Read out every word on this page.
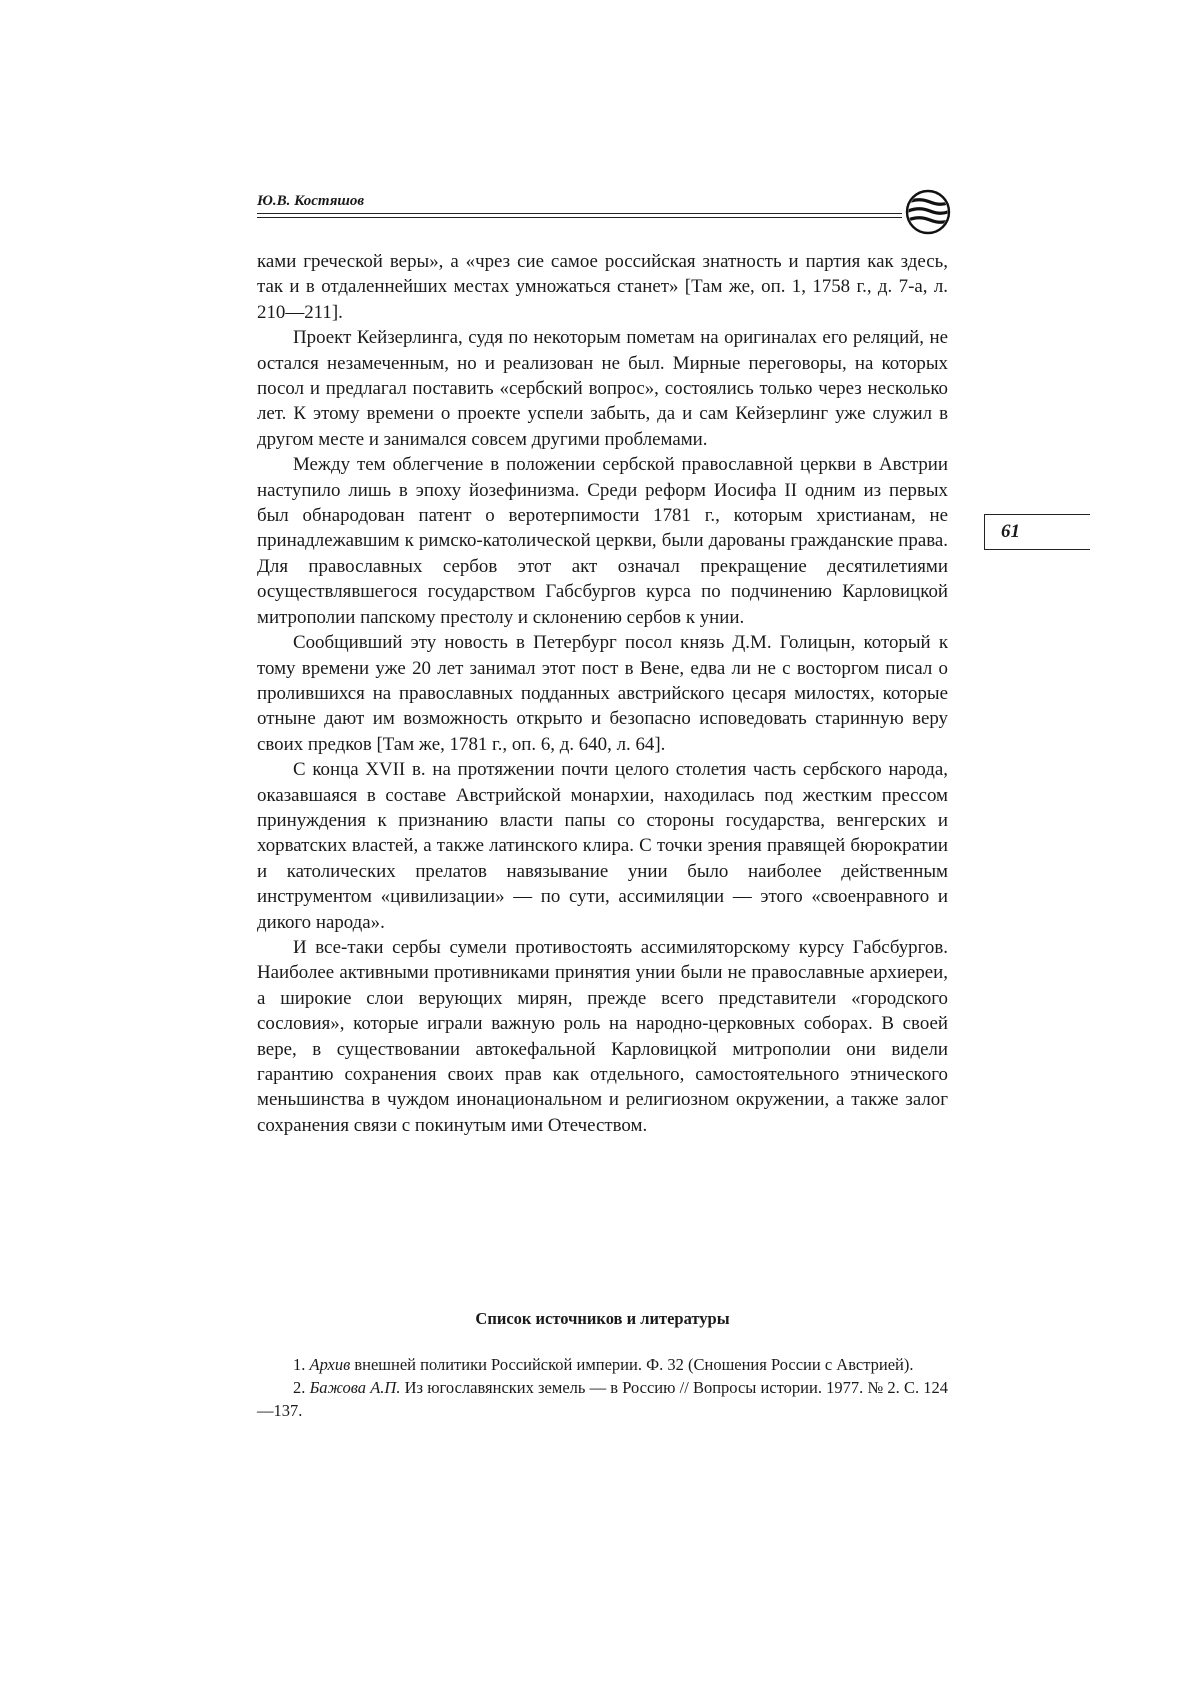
Ю.В. Костяшов
61

ками греческой веры», а «чрез сие самое российская знатность и партия как здесь, так и в отдаленнейших местах умножаться станет» [Там же, оп. 1, 1758 г., д. 7-а, л. 210—211].

Проект Кейзерлинга, судя по некоторым пометам на оригиналах его реляций, не остался незамеченным, но и реализован не был. Мирные переговоры, на которых посол и предлагал поставить «сербский вопрос», состоялись только через несколько лет. К этому времени о проекте успели забыть, да и сам Кейзерлинг уже служил в другом месте и занимался совсем другими проблемами.

Между тем облегчение в положении сербской православной церкви в Австрии наступило лишь в эпоху йозефинизма. Среди реформ Иосифа II одним из первых был обнародован патент о веротерпимости 1781 г., которым христианам, не принадлежавшим к римско-католической церкви, были дарованы гражданские права. Для православных сербов этот акт означал прекращение десятилетиями осуществлявшегося государством Габсбургов курса по подчинению Карловицкой митрополии папскому престолу и склонению сербов к унии.

Сообщивший эту новость в Петербург посол князь Д.М. Голицын, который к тому времени уже 20 лет занимал этот пост в Вене, едва ли не с восторгом писал о пролившихся на православных подданных австрийского цесаря милостях, которые отныне дают им возможность открыто и безопасно исповедовать старинную веру своих предков [Там же, 1781 г., оп. 6, д. 640, л. 64].

С конца XVII в. на протяжении почти целого столетия часть сербского народа, оказавшаяся в составе Австрийской монархии, находилась под жестким прессом принуждения к признанию власти папы со стороны государства, венгерских и хорватских властей, а также латинского клира. С точки зрения правящей бюрократии и католических прелатов навязывание унии было наиболее действенным инструментом «цивилизации» — по сути, ассимиляции — этого «своенравного и дикого народа».

И все-таки сербы сумели противостоять ассимиляторскому курсу Габсбургов. Наиболее активными противниками принятия унии были не православные архиереи, а широкие слои верующих мирян, прежде всего представители «городского сословия», которые играли важную роль на народно-церковных соборах. В своей вере, в существовании автокефальной Карловицкой митрополии они видели гарантию сохранения своих прав как отдельного, самостоятельного этнического меньшинства в чуждом инонациональном и религиозном окружении, а также залог сохранения связи с покинутым ими Отечеством.

Список источников и литературы

1. Архив внешней политики Российской империи. Ф. 32 (Сношения России с Австрией).

2. Бажова А.П. Из югославянских земель — в Россию // Вопросы истории. 1977. № 2. С. 124—137.
